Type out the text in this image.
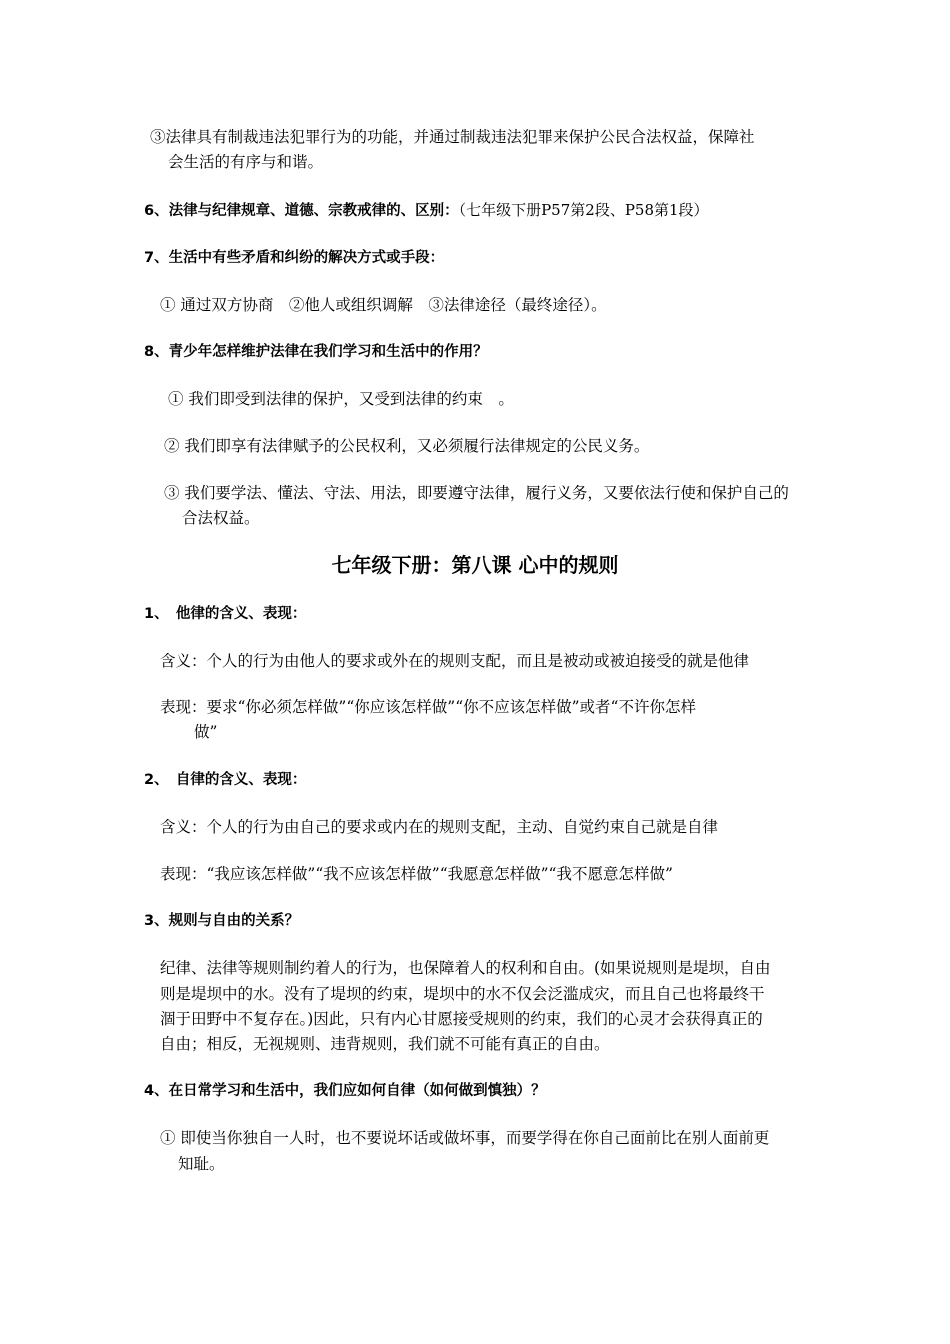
③法律具有制裁违法犯罪行为的功能，并通过制裁违法犯罪来保护公民合法权益，保障社
会生活的有序与和谐。
6、法律与纪律规章、道德、宗教戒律的、区别：（七年级下册P57第2段、P58第1段）
7、生活中有些矛盾和纠纷的解决方式或手段：
① 通过双方协商　②他人或组织调解　③法律途径（最终途径）。
8、青少年怎样维护法律在我们学习和生活中的作用？
① 我们即受到法律的保护，又受到法律的约束　。
② 我们即享有法律赋予的公民权利，又必须履行法律规定的公民义务。
③ 我们要学法、懂法、守法、用法，即要遵守法律，履行义务，又要依法行使和保护自己的
合法权益。
七年级下册：第八课 心中的规则
1、　他律的含义、表现：
含义：个人的行为由他人的要求或外在的规则支配，而且是被动或被迫接受的就是他律
表现：要求“你必须怎样做”“你应该怎样做”“你不应该怎样做”或者“不许你怎样
做”
2、　自律的含义、表现：
含义：个人的行为由自己的要求或内在的规则支配，主动、自觉约束自己就是自律
表现：“我应该怎样做”“我不应该怎样做”“我愿意怎样做”“我不愿意怎样做”
3、规则与自由的关系？
纪律、法律等规则制约着人的行为，也保障着人的权利和自由。(如果说规则是堤坝，自由
则是堤坝中的水。没有了堤坝的约束，堤坝中的水不仅会泛滥成灾，而且自己也将最终干
涸于田野中不复存在。)因此，只有内心甘愿接受规则的约束，我们的心灵才会获得真正的
自由；相反，无视规则、违背规则，我们就不可能有真正的自由。
4、在日常学习和生活中，我们应如何自律（如何做到慎独）？
① 即使当你独自一人时，也不要说坏话或做坏事，而要学得在你自己面前比在别人面前更
知耻。
